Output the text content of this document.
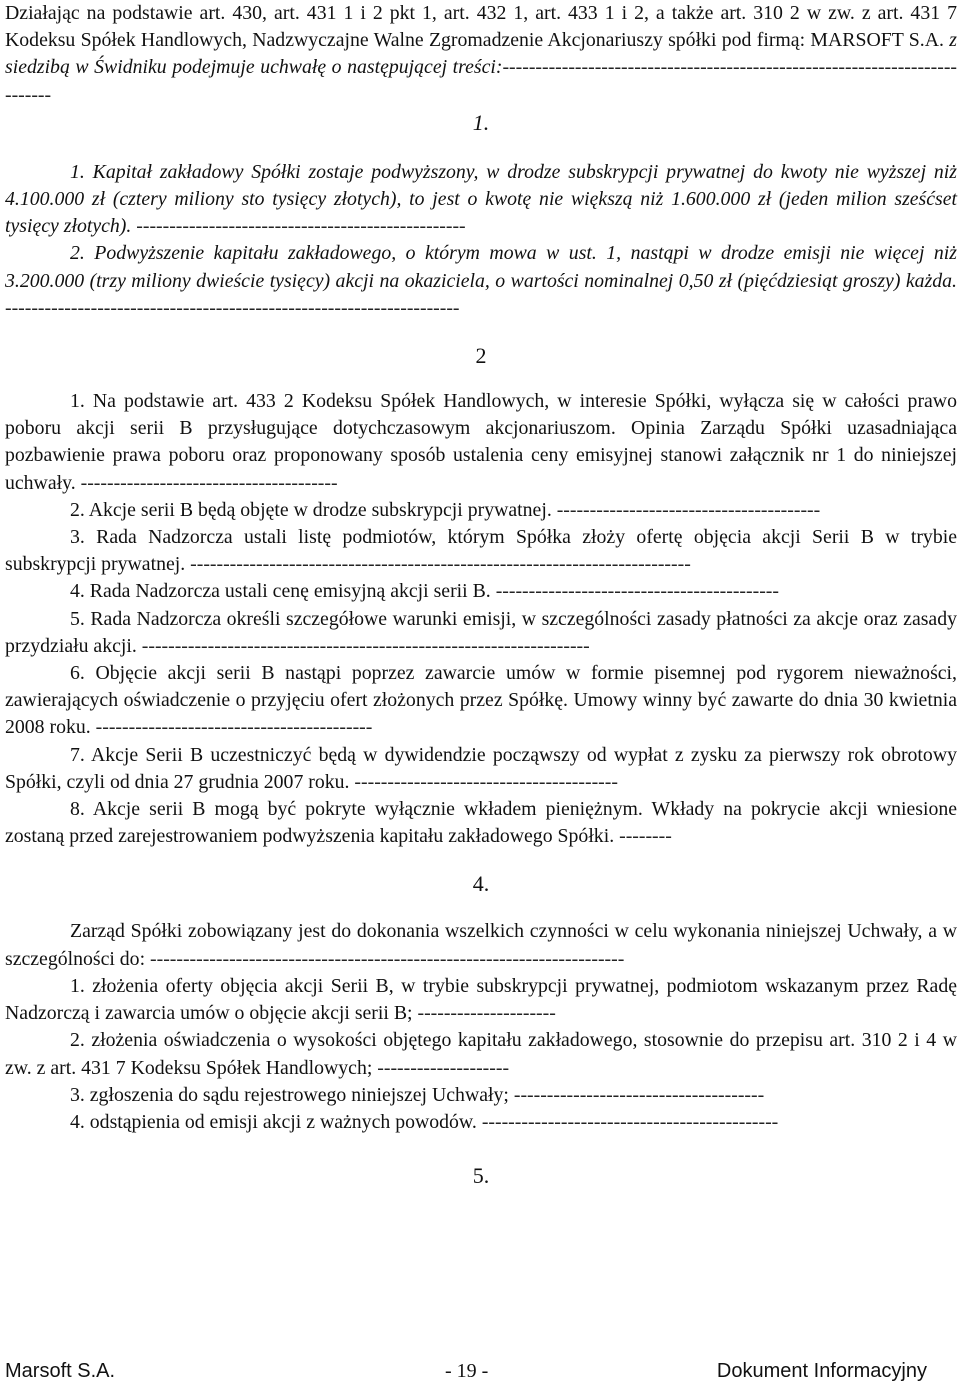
Działając na podstawie art. 430, art. 431 1 i 2 pkt 1, art. 432 1, art. 433 1 i 2, a także art. 310 2 w zw. z art. 431 7 Kodeksu Spółek Handlowych, Nadzwyczajne Walne Zgromadzenie Akcjonariuszy spółki pod firmą: MARSOFT S.A. z siedzibą w Świdniku podejmuje uchwałę o następującej treści:----------------------------------------------------------------------------

1.

1. Kapitał zakładowy Spółki zostaje podwyższony, w drodze subskrypcji prywatnej do kwoty nie wyższej niż 4.100.000 zł (cztery miliony sto tysięcy złotych), to jest o kwotę nie większą niż 1.600.000 zł (jeden milion sześćset tysięcy złotych). --------------------------------------------------

2. Podwyższenie kapitału zakładowego, o którym mowa w ust. 1, nastąpi w drodze emisji nie więcej niż 3.200.000 (trzy miliony dwieście tysięcy) akcji na okaziciela, o wartości nominalnej 0,50 zł (pięćdziesiąt groszy) każda. ---------------------------------------------------------------------

2

1. Na podstawie art. 433 2 Kodeksu Spółek Handlowych, w interesie Spółki, wyłącza się w całości prawo poboru akcji serii B przysługujące dotychczasowym akcjonariuszom. Opinia Zarządu Spółki uzasadniająca pozbawienie prawa poboru oraz proponowany sposób ustalenia ceny emisyjnej stanowi załącznik nr 1 do niniejszej uchwały. ---------------------------------------

2. Akcje serii B będą objęte w drodze subskrypcji prywatnej. ----------------------------------------

3. Rada Nadzorcza ustali listę podmiotów, którym Spółka złoży ofertę objęcia akcji Serii B w trybie subskrypcji prywatnej. ----------------------------------------------------------------------------

4. Rada Nadzorcza ustali cenę emisyjną akcji serii B. -------------------------------------------

5. Rada Nadzorcza określi szczegółowe warunki emisji, w szczególności zasady płatności za akcje oraz zasady przydziału akcji. --------------------------------------------------------------------

6. Objęcie akcji serii B nastąpi poprzez zawarcie umów w formie pisemnej pod rygorem nieważności, zawierających oświadczenie o przyjęciu ofert złożonych przez Spółkę. Umowy winny być zawarte do dnia 30 kwietnia 2008 roku. ------------------------------------------

7. Akcje Serii B uczestniczyć będą w dywidendzie począwszy od wypłat z zysku za pierwszy rok obrotowy Spółki, czyli od dnia 27 grudnia 2007 roku. ----------------------------------------

8. Akcje serii B mogą być pokryte wyłącznie wkładem pieniężnym. Wkłady na pokrycie akcji wniesione zostaną przed zarejestrowaniem podwyższenia kapitału zakładowego Spółki. --------

4.

Zarząd Spółki zobowiązany jest do dokonania wszelkich czynności w celu wykonania niniejszej Uchwały, a w szczególności do: ------------------------------------------------------------------------

1. złożenia oferty objęcia akcji Serii B, w trybie subskrypcji prywatnej, podmiotom wskazanym przez Radę Nadzorczą i zawarcia umów o objęcie akcji serii B; ---------------------

2. złożenia oświadczenia o wysokości objętego kapitału zakładowego, stosownie do przepisu art. 310 2 i 4 w zw. z art. 431 7 Kodeksu Spółek Handlowych; --------------------

3. zgłoszenia do sądu rejestrowego niniejszej Uchwały; --------------------------------------

4. odstąpienia od emisji akcji z ważnych powodów. ---------------------------------------------

5.

Marsoft S.A.	- 19 -	Dokument Informacyjny
